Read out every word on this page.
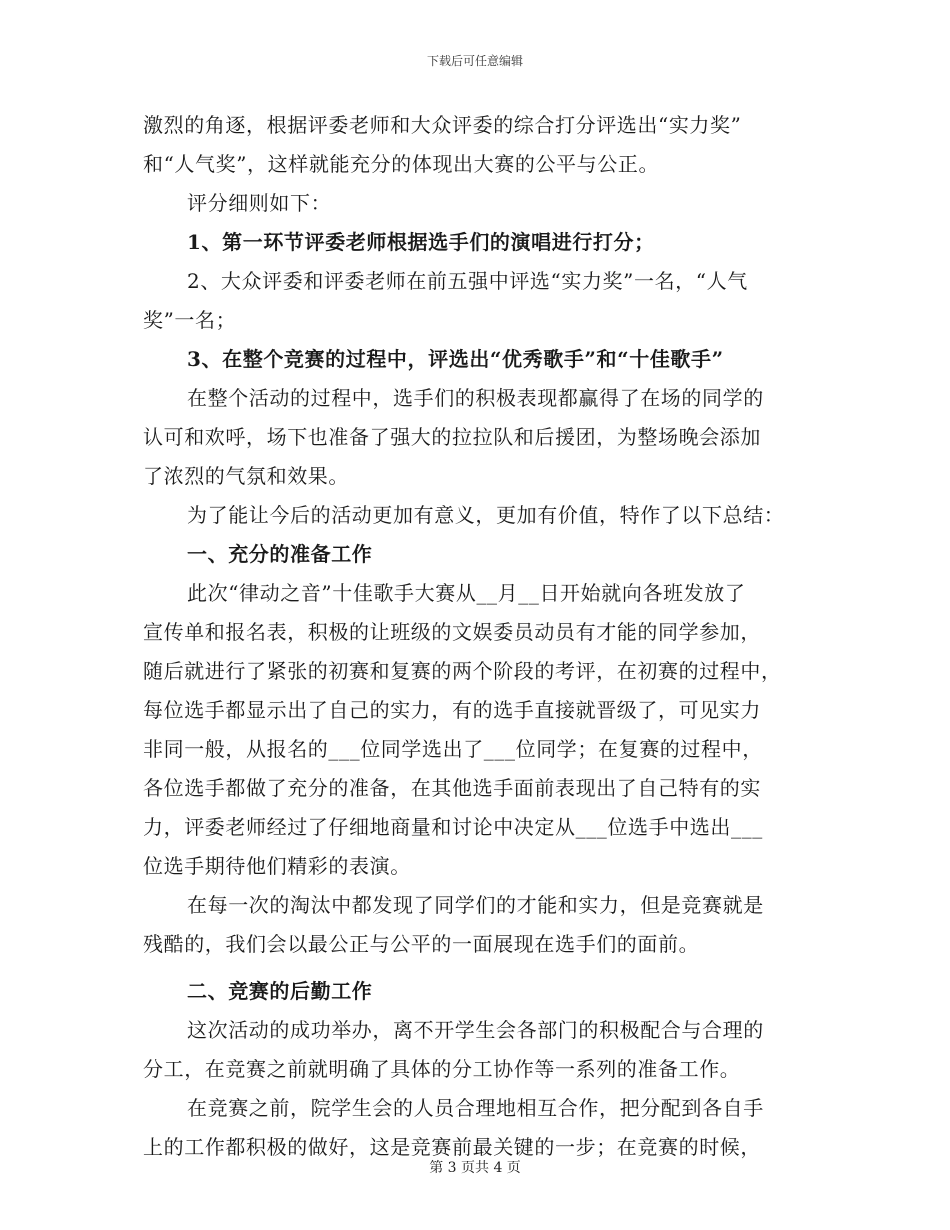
下载后可任意编辑
激烈的角逐，根据评委老师和大众评委的综合打分评选出“实力奖”
和“人气奖”，这样就能充分的体现出大赛的公平与公正。
评分细则如下：
1、第一环节评委老师根据选手们的演唱进行打分；
2、大众评委和评委老师在前五强中评选“实力奖”一名，“人气
奖”一名；
3、在整个竞赛的过程中，评选出“优秀歌手”和“十佳歌手”
在整个活动的过程中，选手们的积极表现都赢得了在场的同学的
认可和欢呼，场下也准备了强大的拉拉队和后援团，为整场晚会添加
了浓烈的气氛和效果。
为了能让今后的活动更加有意义，更加有价值，特作了以下总结：
一、充分的准备工作
此次“律动之音”十佳歌手大赛从__月__日开始就向各班发放了
宣传单和报名表，积极的让班级的文娱委员动员有才能的同学参加，
随后就进行了紧张的初赛和复赛的两个阶段的考评，在初赛的过程中，
每位选手都显示出了自己的实力，有的选手直接就晋级了，可见实力
非同一般，从报名的___位同学选出了___位同学；在复赛的过程中，
各位选手都做了充分的准备，在其他选手面前表现出了自己特有的实
力，评委老师经过了仔细地商量和讨论中决定从___位选手中选出___
位选手期待他们精彩的表演。
在每一次的淘汰中都发现了同学们的才能和实力，但是竞赛就是
残酷的，我们会以最公正与公平的一面展现在选手们的面前。
二、竞赛的后勤工作
这次活动的成功举办，离不开学生会各部门的积极配合与合理的
分工，在竞赛之前就明确了具体的分工协作等一系列的准备工作。
在竞赛之前，院学生会的人员合理地相互合作，把分配到各自手
上的工作都积极的做好，这是竞赛前最关键的一步；在竞赛的时候，
第 3 页共 4 页
